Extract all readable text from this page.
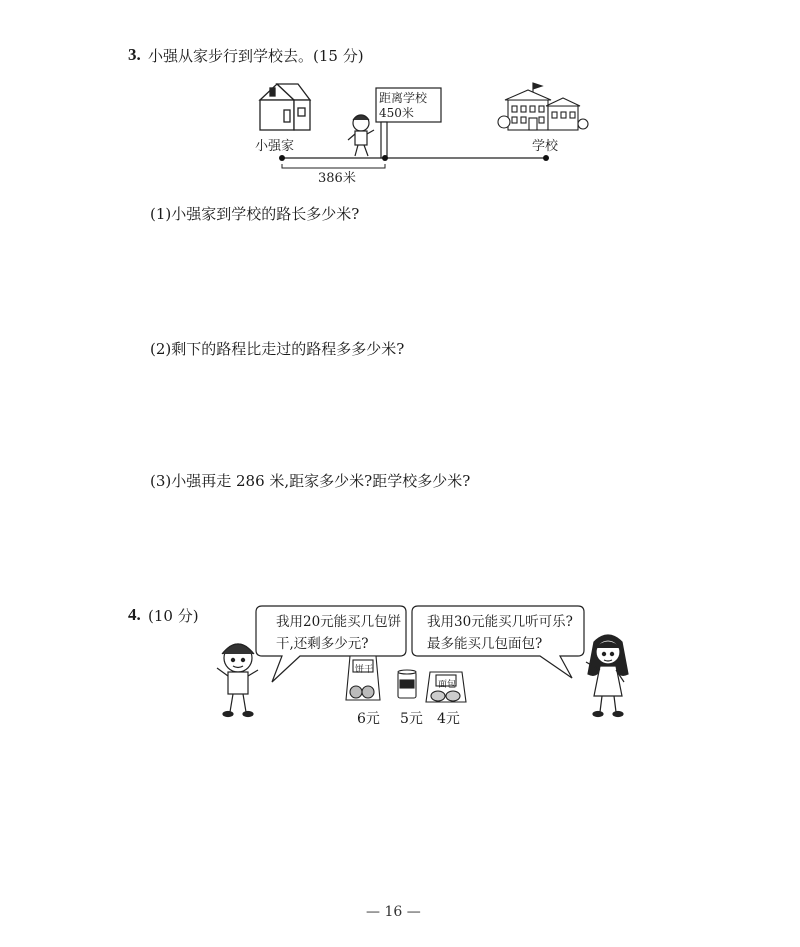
3. 小强从家步行到学校去。(15 分)
小强家
距离学校
450米
学校
386米
(1)小强家到学校的路长多少米?
(2)剩下的路程比走过的路程多多少米?
(3)小强再走 286 米,距家多少米?距学校多少米?
4. (10 分)	我用20元能买几包饼
干,还剩多少元?
我用30元能买几听可乐?
最多能买几包面包?
饼干
面包
6元 5元 4元
— 16 —
